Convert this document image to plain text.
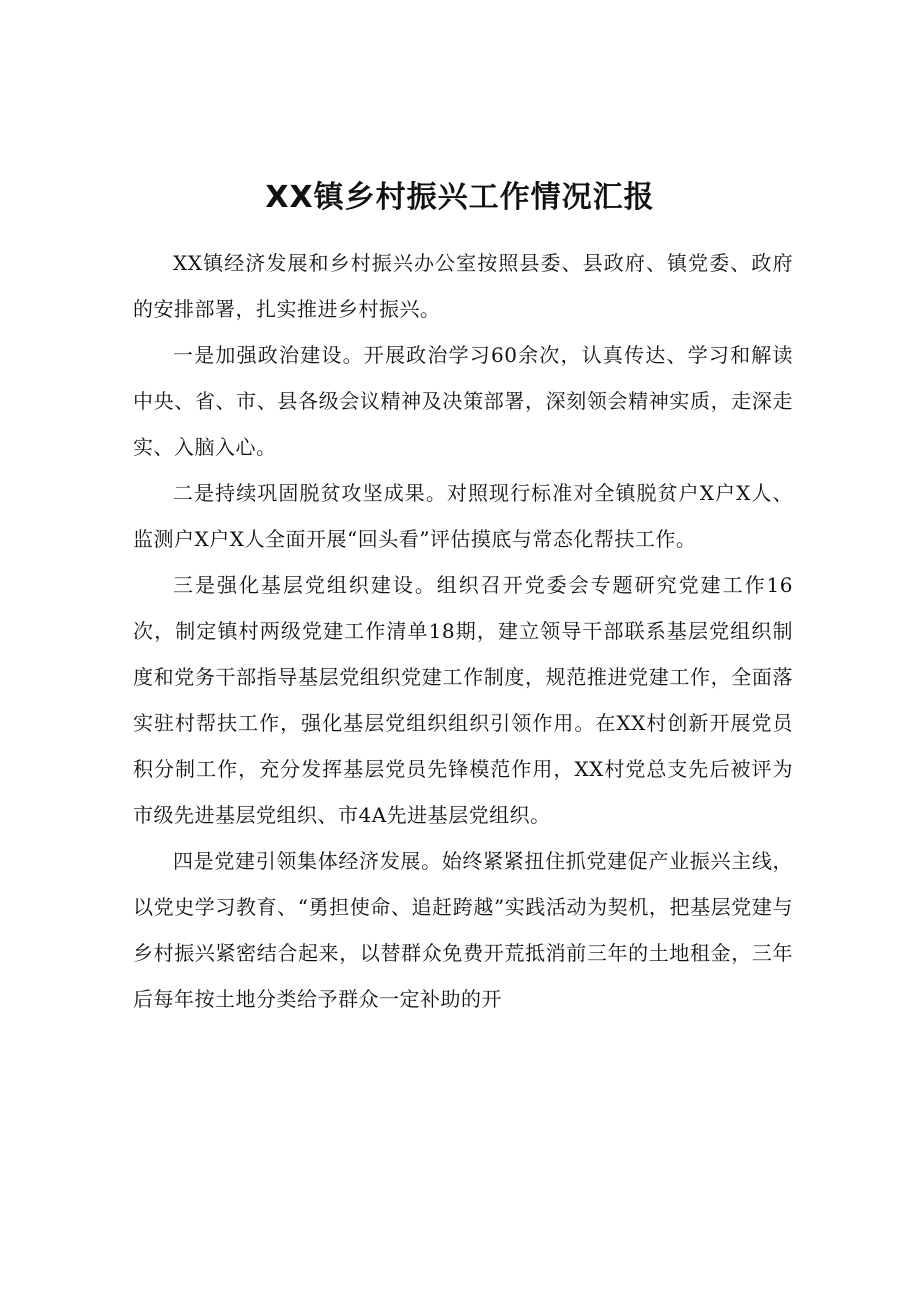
XX镇乡村振兴工作情况汇报

XX镇经济发展和乡村振兴办公室按照县委、县政府、镇党委、政府的安排部署，扎实推进乡村振兴。

一是加强政治建设。开展政治学习60余次，认真传达、学习和解读中央、省、市、县各级会议精神及决策部署，深刻领会精神实质，走深走实、入脑入心。

二是持续巩固脱贫攻坚成果。对照现行标准对全镇脱贫户X户X人、监测户X户X人全面开展“回头看”评估摸底与常态化帮扶工作。

三是强化基层党组织建设。组织召开党委会专题研究党建工作16次，制定镇村两级党建工作清单18期，建立领导干部联系基层党组织制度和党务干部指导基层党组织党建工作制度，规范推进党建工作，全面落实驻村帮扶工作，强化基层党组织组织引领作用。在XX村创新开展党员积分制工作，充分发挥基层党员先锋模范作用，XX村党总支先后被评为市级先进基层党组织、市4A先进基层党组织。

四是党建引领集体经济发展。始终紧紧扭住抓党建促产业振兴主线，以党史学习教育、“勇担使命、追赶跨越”实践活动为契机，把基层党建与乡村振兴紧密结合起来，以替群众免费开荒抵消前三年的土地租金，三年后每年按土地分类给予群众一定补助的开
